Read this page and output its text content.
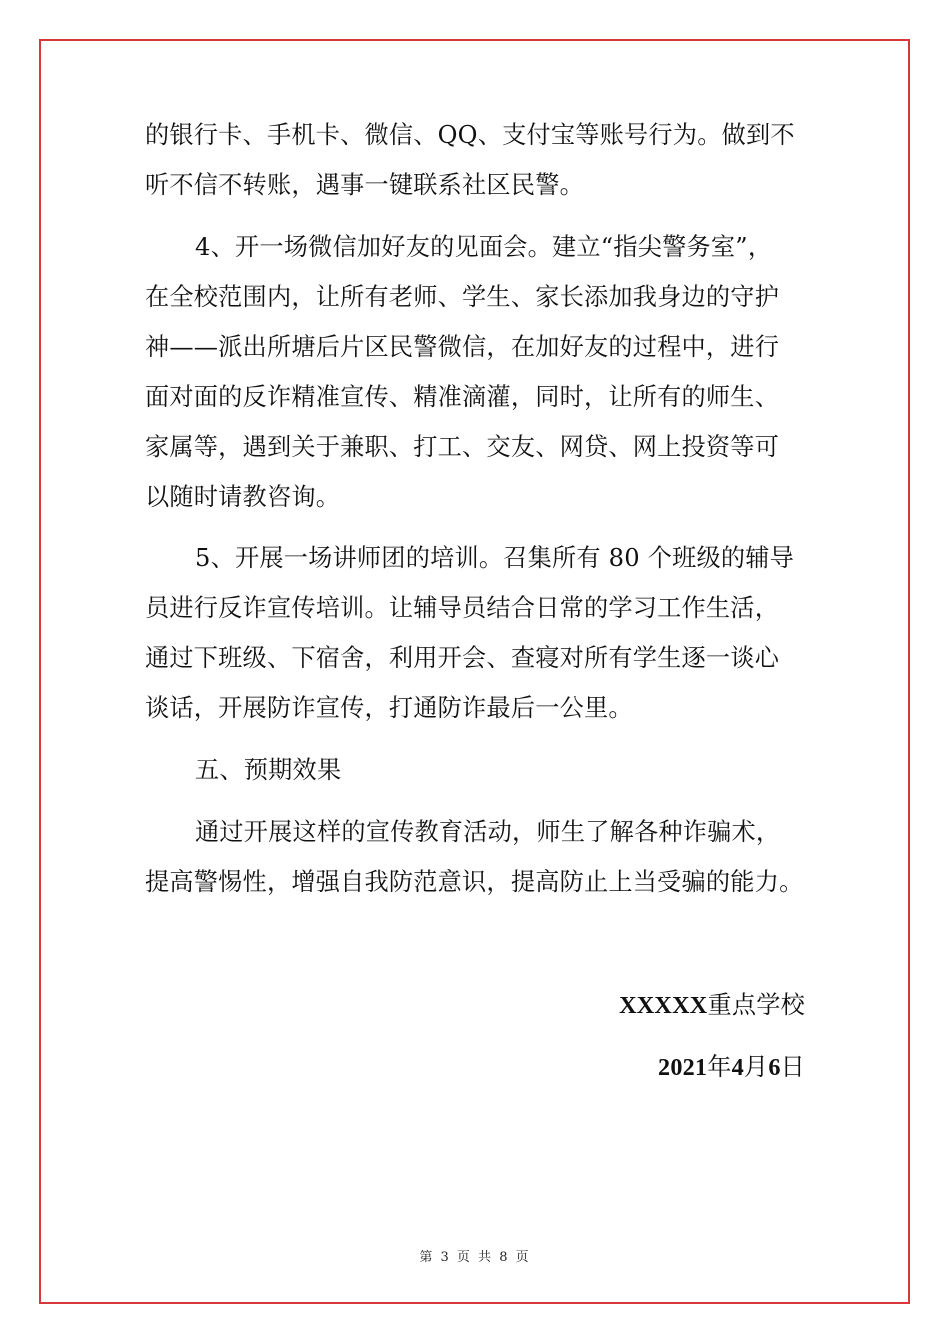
的银行卡、手机卡、微信、QQ、支付宝等账号行为。做到不
听不信不转账，遇事一键联系社区民警。
4、开一场微信加好友的见面会。建立“指尖警务室”，
在全校范围内，让所有老师、学生、家长添加我身边的守护
神——派出所塘后片区民警微信，在加好友的过程中，进行
面对面的反诈精准宣传、精准滴灌，同时，让所有的师生、
家属等，遇到关于兼职、打工、交友、网贷、网上投资等可
以随时请教咨询。
5、开展一场讲师团的培训。召集所有 80 个班级的辅导
员进行反诈宣传培训。让辅导员结合日常的学习工作生活，
通过下班级、下宿舍，利用开会、查寝对所有学生逐一谈心
谈话，开展防诈宣传，打通防诈最后一公里。
五、预期效果
通过开展这样的宣传教育活动，师生了解各种诈骗术，
提高警惕性，增强自我防范意识，提高防止上当受骗的能力。
XXXXX重点学校
2021年4月6日
第 3 页 共 8 页
